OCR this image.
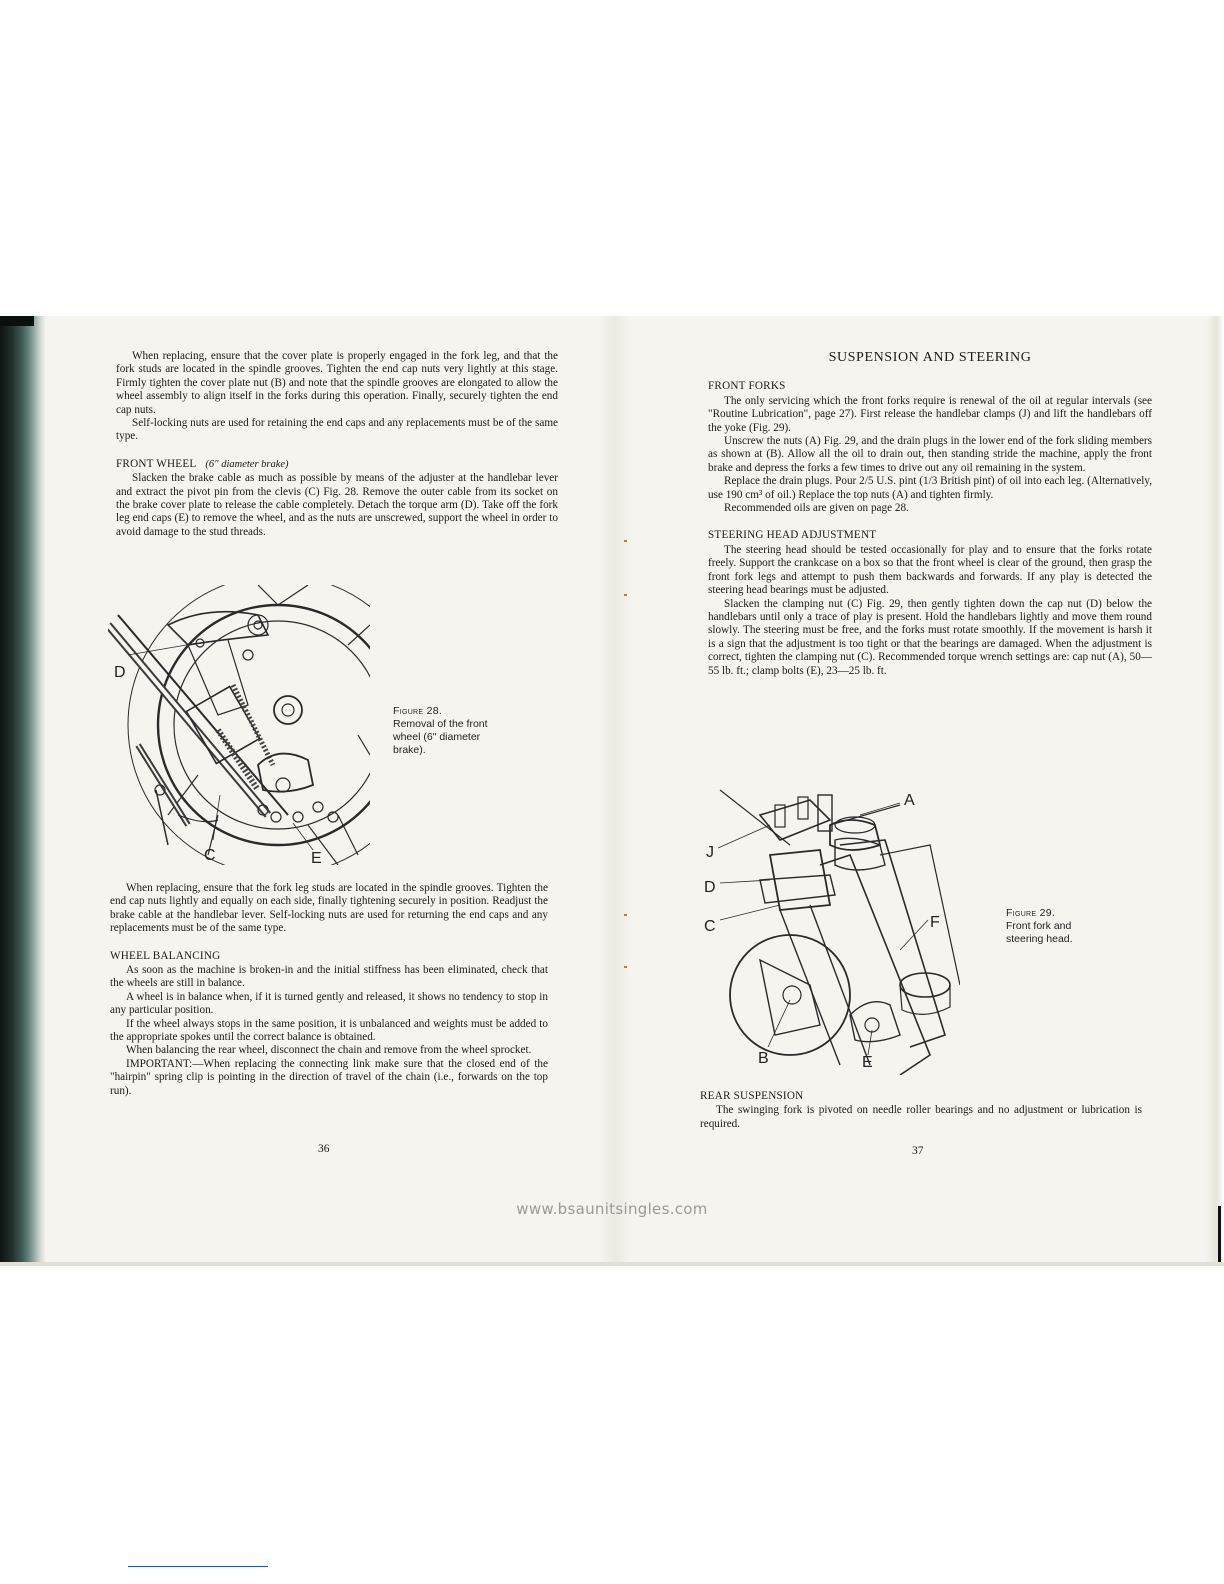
When replacing, ensure that the cover plate is properly engaged in the fork leg, and that the fork studs are located in the spindle grooves. Tighten the end cap nuts very lightly at this stage. Firmly tighten the cover plate nut (B) and note that the spindle grooves are elongated to allow the wheel assembly to align itself in the forks during this operation. Finally, securely tighten the end cap nuts.

Self-locking nuts are used for retaining the end caps and any replacements must be of the same type.

FRONT WHEEL (6" diameter brake)

Slacken the brake cable as much as possible by means of the adjuster at the handlebar lever and extract the pivot pin from the clevis (C) Fig. 28. Remove the outer cable from its socket on the brake cover plate to release the cable completely. Detach the torque arm (D). Take off the fork leg end caps (E) to remove the wheel, and as the nuts are unscrewed, support the wheel in order to avoid damage to the stud threads.

D
C	E
Figure 28.
Removal of the front wheel (6" diameter brake).

When replacing, ensure that the fork leg studs are located in the spindle grooves. Tighten the end cap nuts lightly and equally on each side, finally tightening securely in position. Readjust the brake cable at the handlebar lever. Self-locking nuts are used for returning the end caps and any replacements must be of the same type.

WHEEL BALANCING

As soon as the machine is broken-in and the initial stiffness has been eliminated, check that the wheels are still in balance.

A wheel is in balance when, if it is turned gently and released, it shows no tendency to stop in any particular position.

If the wheel always stops in the same position, it is unbalanced and weights must be added to the appropriate spokes until the correct balance is obtained.

When balancing the rear wheel, disconnect the chain and remove from the wheel sprocket.

IMPORTANT:—When replacing the connecting link make sure that the closed end of the "hairpin" spring clip is pointing in the direction of travel of the chain (i.e., forwards on the top run).

36
SUSPENSION AND STEERING
FRONT FORKS

The only servicing which the front forks require is renewal of the oil at regular intervals (see "Routine Lubrication", page 27). First release the handlebar clamps (J) and lift the handlebars off the yoke (Fig. 29).

Unscrew the nuts (A) Fig. 29, and the drain plugs in the lower end of the fork sliding members as shown at (B). Allow all the oil to drain out, then standing stride the machine, apply the front brake and depress the forks a few times to drive out any oil remaining in the system.

Replace the drain plugs. Pour 2/5 U.S. pint (1/3 British pint) of oil into each leg. (Alternatively, use 190 cm³ of oil.) Replace the top nuts (A) and tighten firmly.

Recommended oils are given on page 28.

STEERING HEAD ADJUSTMENT

The steering head should be tested occasionally for play and to ensure that the forks rotate freely. Support the crankcase on a box so that the front wheel is clear of the ground, then grasp the front fork legs and attempt to push them backwards and forwards. If any play is detected the steering head bearings must be adjusted.

Slacken the clamping nut (C) Fig. 29, then gently tighten down the cap nut (D) below the handlebars until only a trace of play is present. Hold the handlebars lightly and move them round slowly. The steering must be free, and the forks must rotate smoothly. If the movement is harsh it is a sign that the adjustment is too tight or that the bearings are damaged. When the adjustment is correct, tighten the clamping nut (C). Recommended torque wrench settings are: cap nut (A), 50—55 lb. ft.; clamp bolts (E), 23—25 lb. ft.

A
J
D
C	F
B	E
Figure 29.
Front fork and steering head.
REAR SUSPENSION

The swinging fork is pivoted on needle roller bearings and no adjustment or lubrication is required.

37
www.bsaunitsingles.com
